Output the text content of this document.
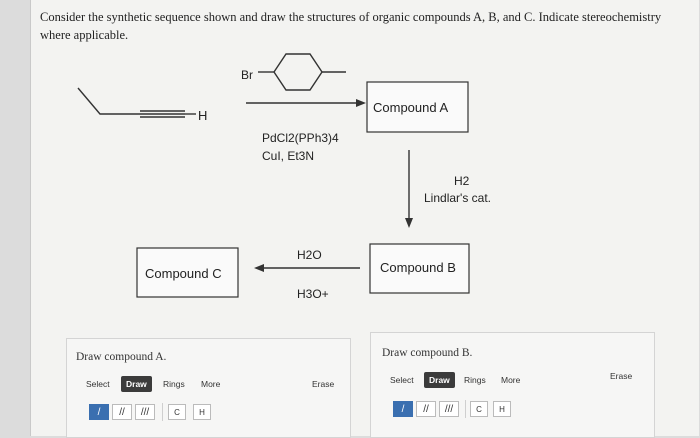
Consider the synthetic sequence shown and draw the structures of organic compounds A, B, and C. Indicate stereochemistry where applicable.
H
Br
PdCl2(PPh3)4
CuI, Et3N
Compound A
H2
Lindlar's cat.
Compound B
H2O
H3O+
Compound C
Draw compound A.
Select	Draw	Rings More	Erase
/	//	///	C	H
Draw compound B.
Select	Draw	Rings More	Erase
/	//	///	C	H
